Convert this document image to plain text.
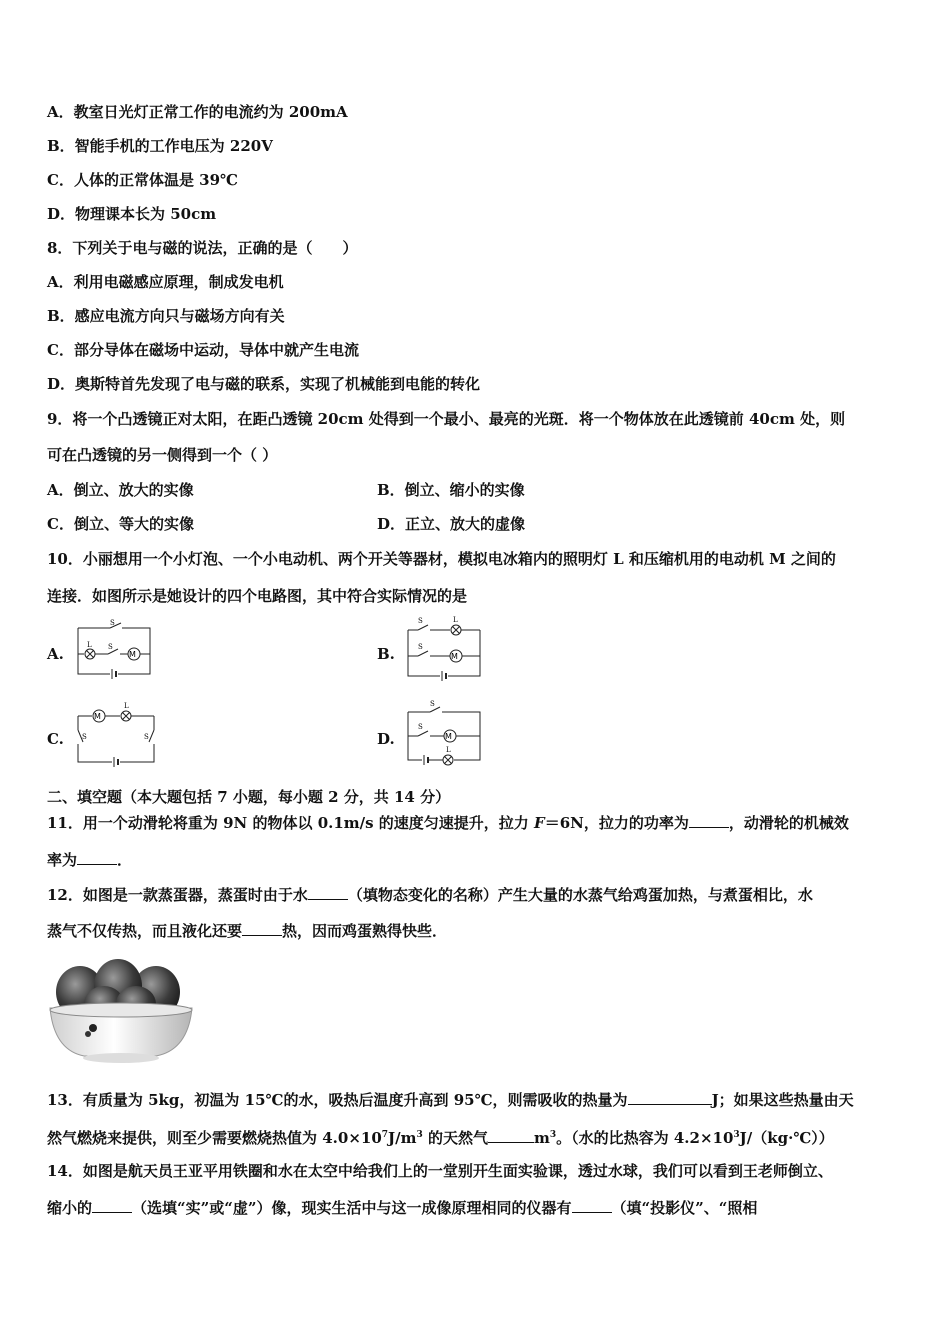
A．教室日光灯正常工作的电流约为 200mA
B．智能手机的工作电压为 220V
C．人体的正常体温是 39℃
D．物理课本长为 50cm
8．下列关于电与磁的说法，正确的是（　　）
A．利用电磁感应原理，制成发电机
B．感应电流方向只与磁场方向有关
C．部分导体在磁场中运动，导体中就产生电流
D．奥斯特首先发现了电与磁的联系，实现了机械能到电能的转化
9．将一个凸透镜正对太阳，在距凸透镜 20cm 处得到一个最小、最亮的光斑．将一个物体放在此透镜前 40cm 处，则
可在凸透镜的另一侧得到一个（ ）
A．倒立、放大的实像	B．倒立、缩小的实像
C．倒立、等大的实像	D．正立、放大的虚像
10．小丽想用一个小灯泡、一个小电动机、两个开关等器材，模拟电冰箱内的照明灯 L 和压缩机用的电动机 M 之间的
连接．如图所示是她设计的四个电路图，其中符合实际情况的是
A.	M
S
L S	B.	M
S	L
S
C.
M
L
S	S	D.	M
S
S
L
二、填空题（本大题包括 7 小题，每小题 2 分，共 14 分）
11．用一个动滑轮将重为 9N 的物体以 0.1m/s 的速度匀速提升，拉力 F＝6N，拉力的功率为	，动滑轮的机械效
率为	．
12．如图是一款蒸蛋器，蒸蛋时由于水	（填物态变化的名称）产生大量的水蒸气给鸡蛋加热，与煮蛋相比，水
蒸气不仅传热，而且液化还要	热，因而鸡蛋熟得快些．
13．有质量为 5kg，初温为 15℃的水，吸热后温度升高到 95℃，则需吸收的热量为	J；如果这些热量由天
然气燃烧来提供，则至少需要燃烧热值为 $4.0\times 10^7J/m^3$ 的天然气	$m^3$。（水的比热容为 $4.2\times 10^3J/(kg\cdot℃)$）
14．如图是航天员王亚平用铁圈和水在太空中给我们上的一堂别开生面实验课，透过水球，我们可以看到王老师倒立、
缩小的	（选填“实”或“虚”）像，现实生活中与这一成像原理相同的仪器有	（填“投影仪”、“照相
